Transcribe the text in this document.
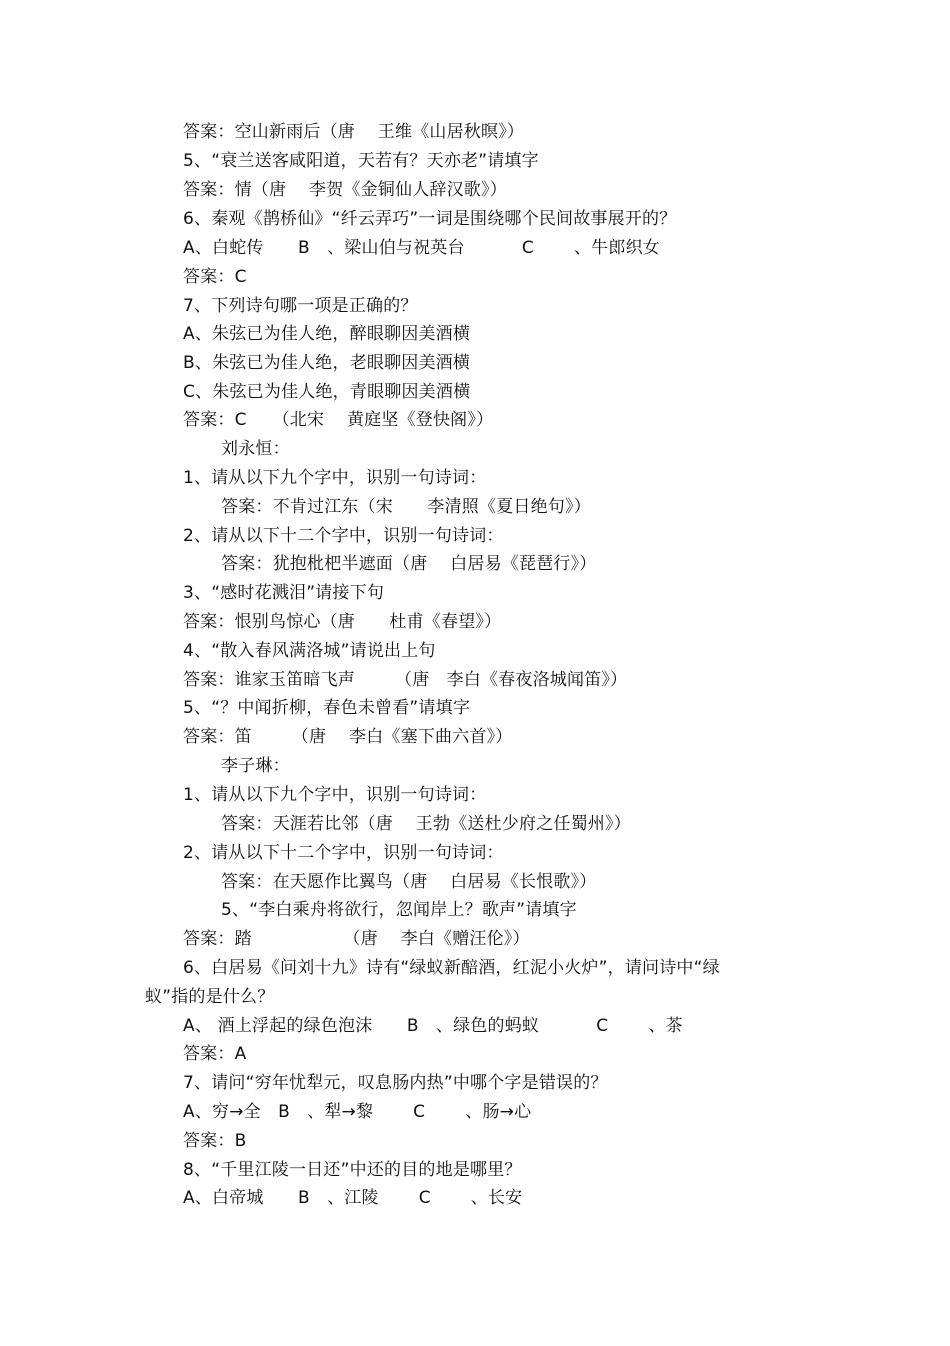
答案：空山新雨后（唐　 王维《山居秋暝》）
5、“衰兰送客咸阳道，天若有？天亦老”请填字
答案：情（唐　 李贺《金铜仙人辞汉歌》）
6、秦观《鹊桥仙》“纤云弄巧”一词是围绕哪个民间故事展开的？
A、白蛇传　　B　、梁山伯与祝英台　　　 C　　 、牛郎织女
答案：C
7、下列诗句哪一项是正确的？
A、朱弦已为佳人绝，醉眼聊因美酒横
B、朱弦已为佳人绝，老眼聊因美酒横
C、朱弦已为佳人绝，青眼聊因美酒横
答案：C　　（北宋　 黄庭坚《登快阁》）
刘永恒：
1、请从以下九个字中，识别一句诗词：
答案：不肯过江东（宋　　李清照《夏日绝句》）
2、请从以下十二个字中，识别一句诗词：
答案：犹抱枇杷半遮面（唐　 白居易《琵琶行》）
3、“感时花溅泪”请接下句
答案：恨别鸟惊心（唐　　杜甫《春望》）
4、“散入春风满洛城”请说出上句
答案：谁家玉笛暗飞声　　 （唐　李白《春夜洛城闻笛》）
5、“？中闻折柳，春色未曾看”请填字
答案：笛　　 （唐　 李白《塞下曲六首》）
李子琳：
1、请从以下九个字中，识别一句诗词：
答案：天涯若比邻（唐　 王勃《送杜少府之任蜀州》）
2、请从以下十二个字中，识别一句诗词：
答案：在天愿作比翼鸟（唐　 白居易《长恨歌》）
5、“李白乘舟将欲行，忽闻岸上？歌声”请填字
答案：踏　　　　　 （唐　 李白《赠汪伦》）
6、白居易《问刘十九》诗有“绿蚁新醅酒，红泥小火炉”，请问诗中“绿
蚁”指的是什么？
A、 酒上浮起的绿色泡沫　　B　、绿色的蚂蚁　　　 C　　 、茶
答案：A
7、请问“穷年忧犁元，叹息肠内热”中哪个字是错误的？
A、穷→全　B　、犁→黎　　 C　　 、肠→心
答案：B
8、“千里江陵一日还”中还的目的地是哪里？
A、白帝城　　B　、江陵　　 C　　 、长安
